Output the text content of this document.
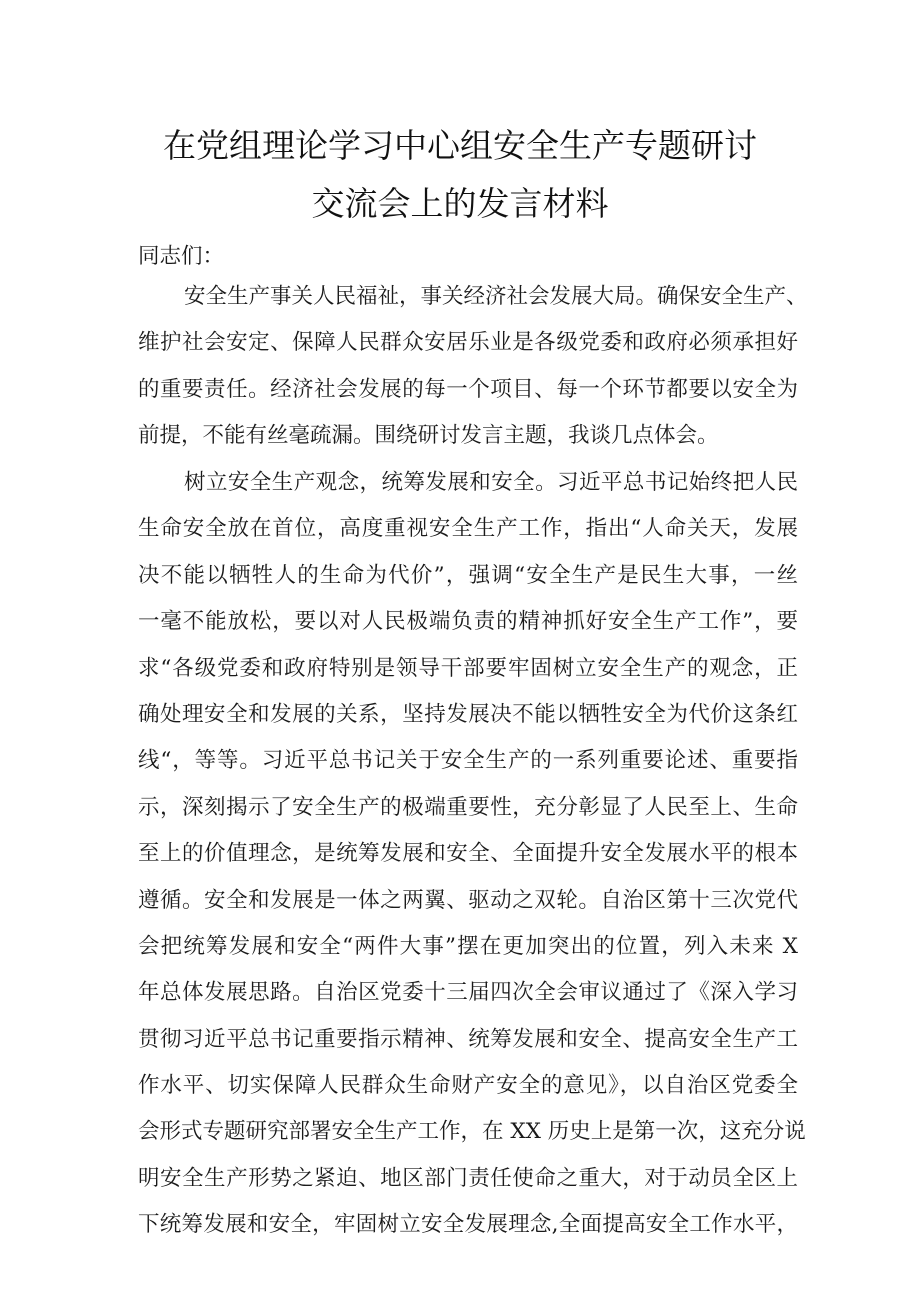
在党组理论学习中心组安全生产专题研讨
交流会上的发言材料
同志们：
安全生产事关人民福祉，事关经济社会发展大局。确保安全生产、
维护社会安定、保障人民群众安居乐业是各级党委和政府必须承担好
的重要责任。经济社会发展的每一个项目、每一个环节都要以安全为
前提，不能有丝毫疏漏。围绕研讨发言主题，我谈几点体会。
树立安全生产观念，统筹发展和安全。习近平总书记始终把人民
生命安全放在首位，高度重视安全生产工作，指出“人命关天，发展
决不能以牺牲人的生命为代价”，强调“安全生产是民生大事，一丝
一毫不能放松，要以对人民极端负责的精神抓好安全生产工作”，要
求“各级党委和政府特别是领导干部要牢固树立安全生产的观念，正
确处理安全和发展的关系，坚持发展决不能以牺牲安全为代价这条红
线“，等等。习近平总书记关于安全生产的一系列重要论述、重要指
示，深刻揭示了安全生产的极端重要性，充分彰显了人民至上、生命
至上的价值理念，是统筹发展和安全、全面提升安全发展水平的根本
遵循。安全和发展是一体之两翼、驱动之双轮。自治区第十三次党代
会把统筹发展和安全“两件大事”摆在更加突出的位置，列入未来 X
年总体发展思路。自治区党委十三届四次全会审议通过了《深入学习
贯彻习近平总书记重要指示精神、统筹发展和安全、提高安全生产工
作水平、切实保障人民群众生命财产安全的意见》，以自治区党委全
会形式专题研究部署安全生产工作，在 XX 历史上是第一次，这充分说
明安全生产形势之紧迫、地区部门责任使命之重大，对于动员全区上
下统筹发展和安全，牢固树立安全发展理念,全面提高安全工作水平，
